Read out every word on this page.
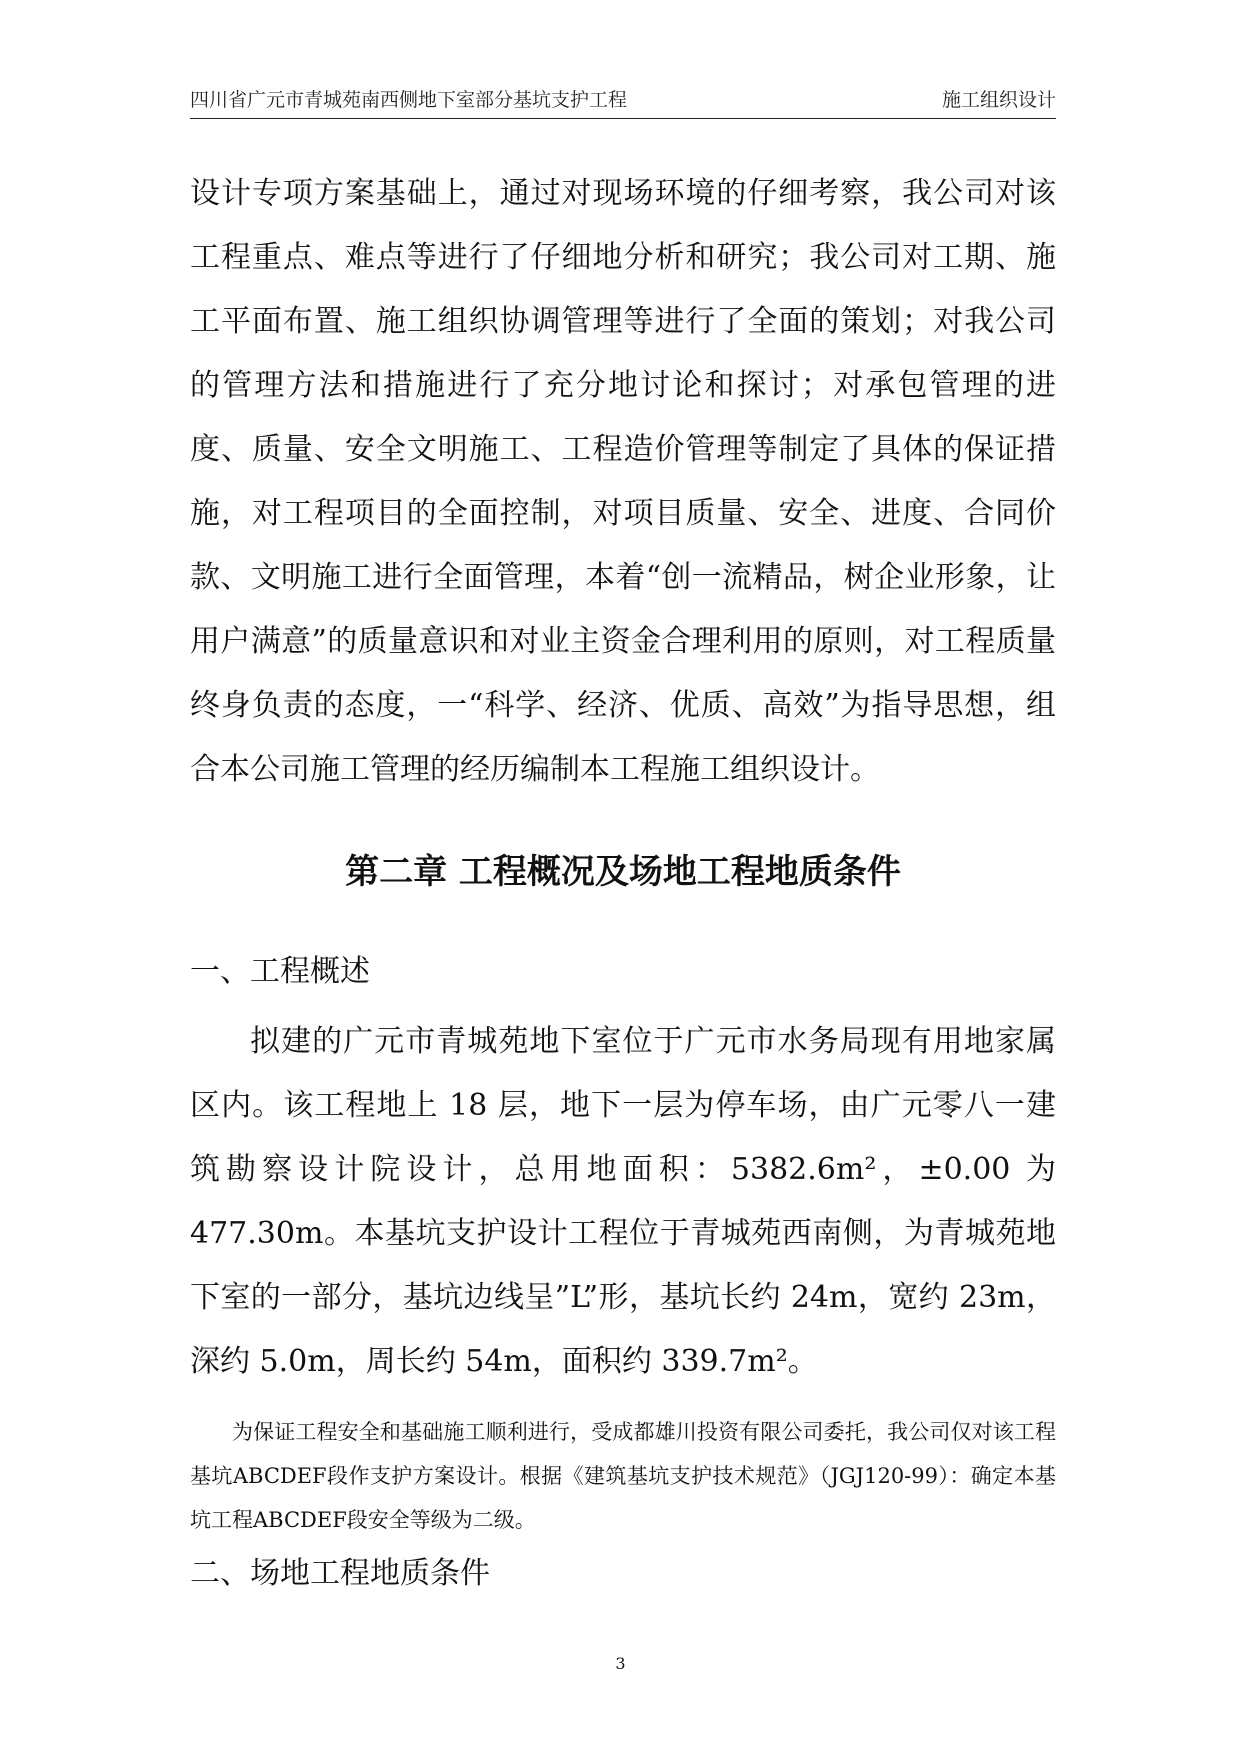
四川省广元市青城苑南西侧地下室部分基坑支护工程	施工组织设计

设计专项方案基础上，通过对现场环境的仔细考察，我公司对该工程重点、难点等进行了仔细地分析和研究；我公司对工期、施工平面布置、施工组织协调管理等进行了全面的策划；对我公司的管理方法和措施进行了充分地讨论和探讨；对承包管理的进度、质量、安全文明施工、工程造价管理等制定了具体的保证措施，对工程项目的全面控制，对项目质量、安全、进度、合同价款、文明施工进行全面管理，本着“创一流精品，树企业形象，让用户满意”的质量意识和对业主资金合理利用的原则，对工程质量终身负责的态度，一“科学、经济、优质、高效”为指导思想，组合本公司施工管理的经历编制本工程施工组织设计。

第二章 工程概况及场地工程地质条件
一、工程概述

拟建的广元市青城苑地下室位于广元市水务局现有用地家属区内。该工程地上 18 层，地下一层为停车场，由广元零八一建筑勘察设计院设计，总用地面积：5382.6m²，±0.00 为 477.30m。本基坑支护设计工程位于青城苑西南侧，为青城苑地下室的一部分，基坑边线呈”L”形，基坑长约 24m，宽约 23m，深约 5.0m，周长约 54m，面积约 339.7m²。

为保证工程安全和基础施工顺利进行，受成都雄川投资有限公司委托，我公司仅对该工程基坑ABCDEF段作支护方案设计。根据《建筑基坑支护技术规范》（JGJ120-99）：确定本基坑工程ABCDEF段安全等级为二级。

二、场地工程地质条件
3
